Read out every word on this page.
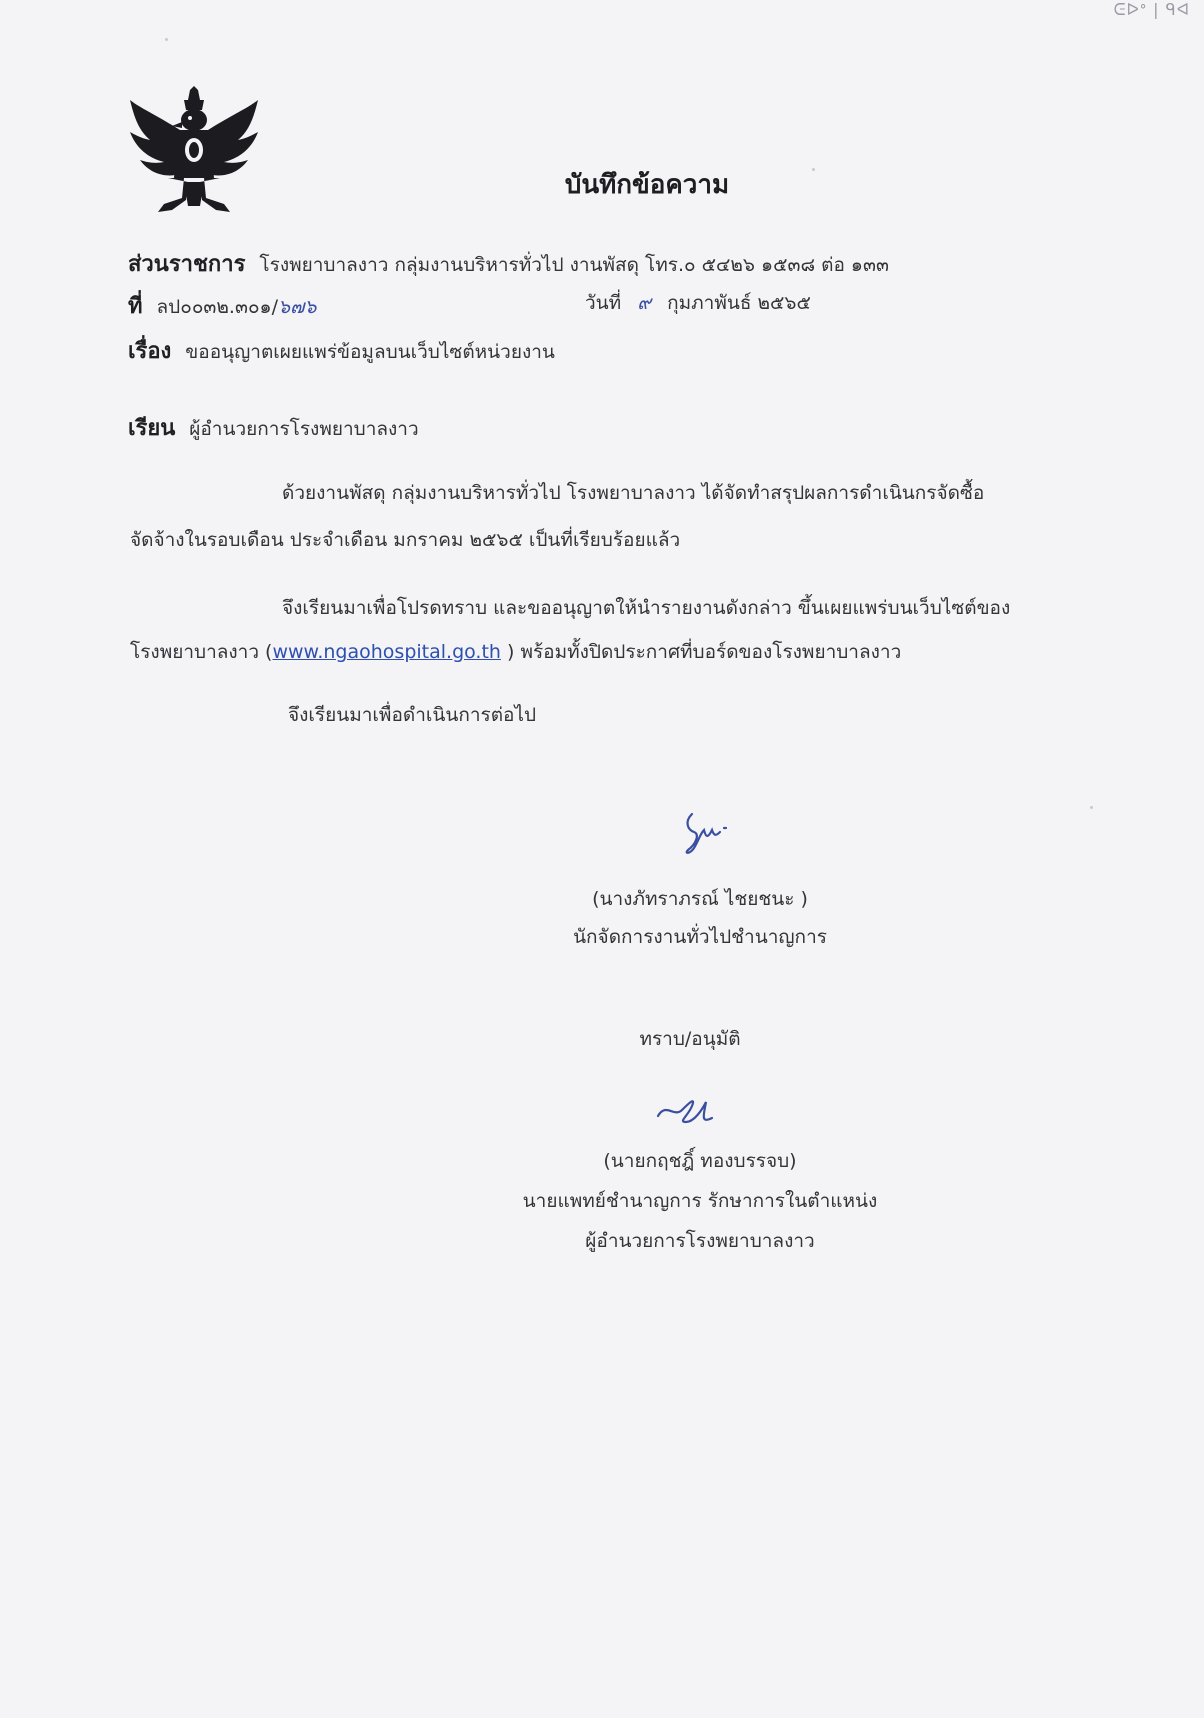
ᕮᐅᐤ | ᑫᐊ
บันทึกข้อความ
ส่วนราชการ โรงพยาบาลงาว กลุ่มงานบริหารทั่วไป งานพัสดุ โทร.๐ ๕๔๒๖ ๑๕๓๘ ต่อ ๑๓๓
ที่ ลป๐๐๓๒.๓๐๑/๖๗๖	วันที่ ๙ กุมภาพันธ์ ๒๕๖๕
เรื่อง ขออนุญาตเผยแพร่ข้อมูลบนเว็บไซต์หน่วยงาน
เรียน ผู้อำนวยการโรงพยาบาลงาว
ด้วยงานพัสดุ กลุ่มงานบริหารทั่วไป โรงพยาบาลงาว ได้จัดทำสรุปผลการดำเนินกรจัดซื้อ
จัดจ้างในรอบเดือน ประจำเดือน มกราคม ๒๕๖๕ เป็นที่เรียบร้อยแล้ว
จึงเรียนมาเพื่อโปรดทราบ และขออนุญาตให้นำรายงานดังกล่าว ขึ้นเผยแพร่บนเว็บไซต์ของ
โรงพยาบาลงาว (www.ngaohospital.go.th ) พร้อมทั้งปิดประกาศที่บอร์ดของโรงพยาบาลงาว
จึงเรียนมาเพื่อดำเนินการต่อไป
(นางภัทราภรณ์ ไชยชนะ )
นักจัดการงานทั่วไปชำนาญการ
ทราบ/อนุมัติ
(นายกฤชฎิ์ ทองบรรจบ)
นายแพทย์ชำนาญการ รักษาการในตำแหน่ง
ผู้อำนวยการโรงพยาบาลงาว
